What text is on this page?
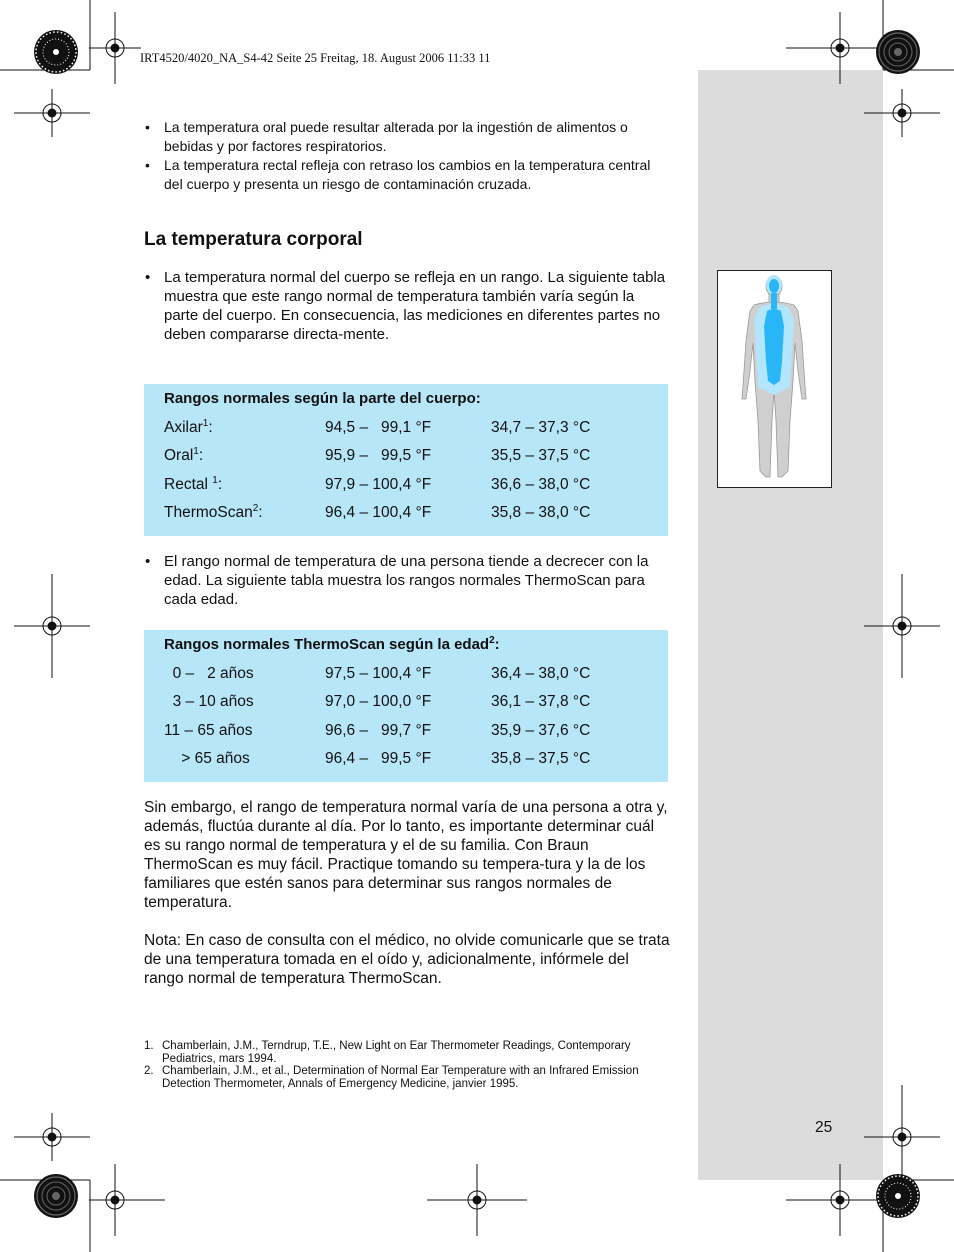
IRT4520/4020_NA_S4-42 Seite 25 Freitag, 18. August 2006 11:33 11
• La temperatura oral puede resultar alterada por la ingestión de alimentos o bebidas y por factores respiratorios.
• La temperatura rectal refleja con retraso los cambios en la temperatura central del cuerpo y presenta un riesgo de contaminación cruzada.
La temperatura corporal
• La temperatura normal del cuerpo se refleja en un rango. La siguiente tabla muestra que este rango normal de temperatura también varía según la parte del cuerpo. En consecuencia, las mediciones en diferentes partes no deben compararse directa-mente.
Rangos normales según la parte del cuerpo:
Axilar$^1$:	94,5 –   99,1 °F	34,7 – 37,3 °C
Oral$^1$:	95,9 –   99,5 °F	35,5 – 37,5 °C
Rectal $^1$:	97,9 – 100,4 °F	36,6 – 38,0 °C
ThermoScan$^2$:	96,4 – 100,4 °F	35,8 – 38,0 °C
• El rango normal de temperatura de una persona tiende a decrecer con la edad. La siguiente tabla muestra los rangos normales ThermoScan para cada edad.
Rangos normales ThermoScan según la edad$^2$:
0 –   2 años	97,5 – 100,4 °F	36,4 – 38,0 °C
3 – 10 años	97,0 – 100,0 °F	36,1 – 37,8 °C
11 – 65 años	96,6 –   99,7 °F	35,9 – 37,6 °C
> 65 años	96,4 –   99,5 °F	35,8 – 37,5 °C
Sin embargo, el rango de temperatura normal varía de una persona a otra y, además, fluctúa durante al día. Por lo tanto, es importante determinar cuál es su rango normal de temperatura y el de su familia. Con Braun ThermoScan es muy fácil. Practique tomando su tempera-tura y la de los familiares que estén sanos para determinar sus rangos normales de temperatura.
Nota: En caso de consulta con el médico, no olvide comunicarle que se trata de una temperatura tomada en el oído y, adicionalmente, infórmele del rango normal de temperatura ThermoScan.
1. Chamberlain, J.M., Terndrup, T.E., New Light on Ear Thermometer Readings, Contemporary Pediatrics, mars 1994.
2. Chamberlain, J.M., et al., Determination of Normal Ear Temperature with an Infrared Emission Detection Thermometer, Annals of Emergency Medicine, janvier 1995.
25
